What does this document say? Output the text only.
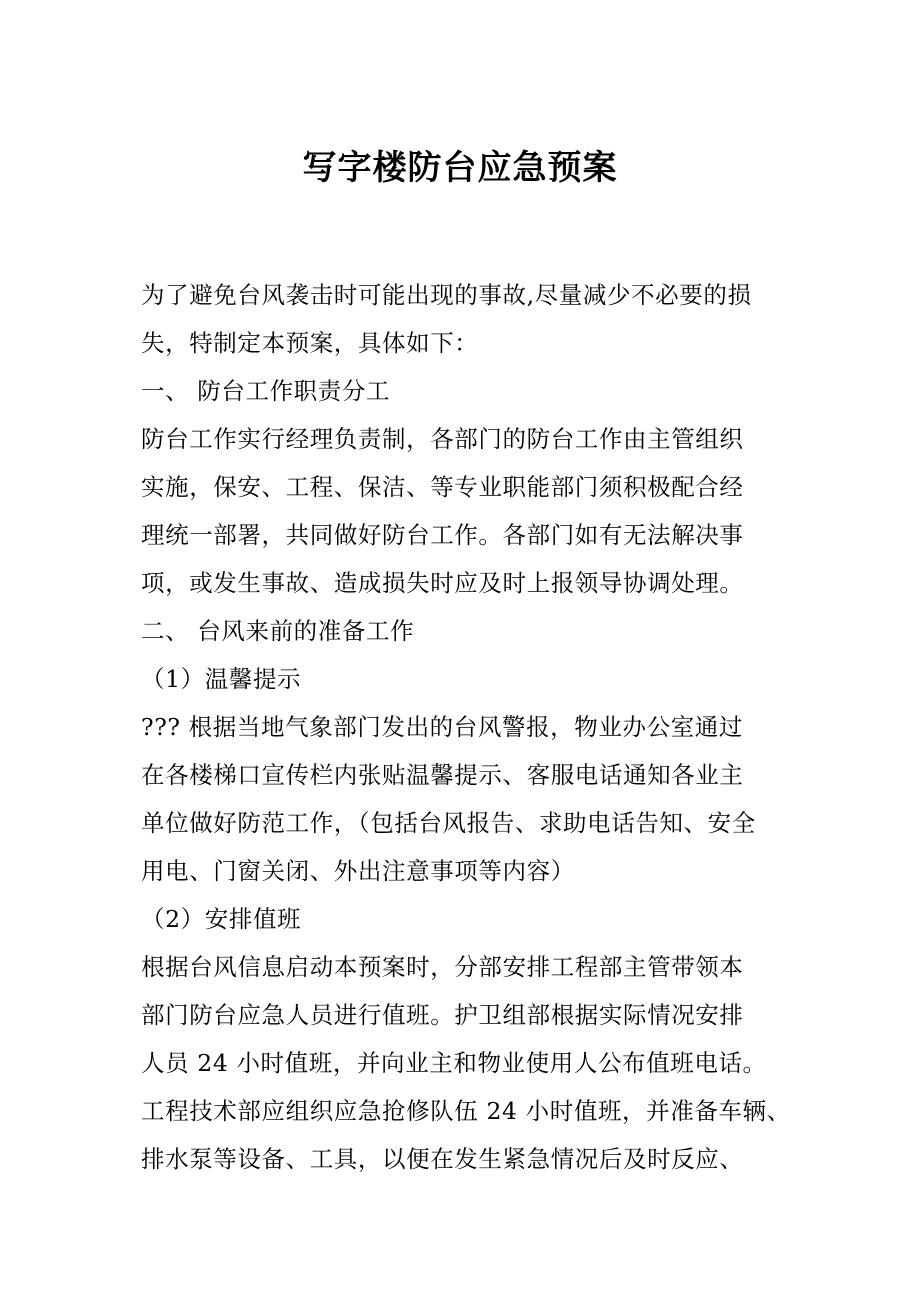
写字楼防台应急预案
为了避免台风袭击时可能出现的事故,尽量减少不必要的损
失，特制定本预案，具体如下：
一、 防台工作职责分工
防台工作实行经理负责制，各部门的防台工作由主管组织
实施，保安、工程、保洁、等专业职能部门须积极配合经
理统一部署，共同做好防台工作。各部门如有无法解决事
项，或发生事故、造成损失时应及时上报领导协调处理。
二、 台风来前的准备工作
（1）温馨提示
??? 根据当地气象部门发出的台风警报，物业办公室通过
在各楼梯口宣传栏内张贴温馨提示、客服电话通知各业主
单位做好防范工作，（包括台风报告、求助电话告知、安全
用电、门窗关闭、外出注意事项等内容）
（2）安排值班
根据台风信息启动本预案时，分部安排工程部主管带领本
部门防台应急人员进行值班。护卫组部根据实际情况安排
人员 24 小时值班，并向业主和物业使用人公布值班电话。
工程技术部应组织应急抢修队伍 24 小时值班，并准备车辆、
排水泵等设备、工具，以便在发生紧急情况后及时反应、
